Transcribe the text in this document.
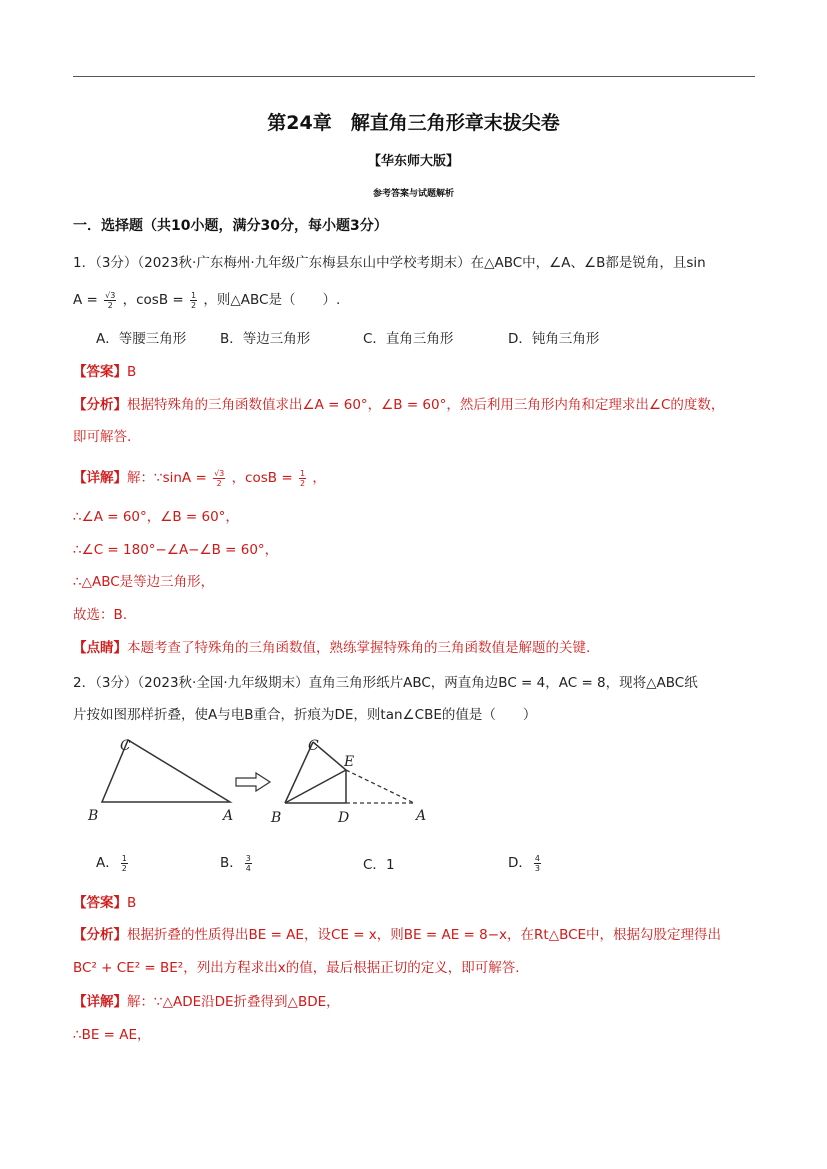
第24章　解直角三角形章末拔尖卷
【华东师大版】
参考答案与试题解析
一．选择题（共10小题，满分30分，每小题3分）
1．（3分）（2023秋·广东梅州·九年级广东梅县东山中学校考期末）在△ABC中，∠A、∠B都是锐角，且sin
$A = \frac{√3}{2}$ ，$\cos B = \frac{1}{2}$ ，则△ABC是（　　）.
A．等腰三角形	B．等边三角形	C．直角三角形	D．钝角三角形
【答案】B
【分析】根据特殊角的三角函数值求出∠A = 60°，∠B = 60°，然后利用三角形内角和定理求出∠C的度数，
即可解答.
【详解】解：∵sinA = $\frac{√3}{2}$ ，$\cos B = \frac{1}{2}$ ，
∴∠A = 60°，∠B = 60°，
∴∠C = 180°−∠A−∠B = 60°，
∴△ABC是等边三角形，
故选：B.
【点睛】本题考查了特殊角的三角函数值，熟练掌握特殊角的三角函数值是解题的关键.
2．（3分）（2023秋·全国·九年级期末）直角三角形纸片ABC，两直角边BC = 4，AC = 8，现将△ABC纸
片按如图那样折叠，使A与电B重合，折痕为DE，则tan∠CBE的值是（　　）
C
B	A
C
E
B	D	A
A． $\frac{1}{2}$	B． $\frac{3}{4}$	C．1	D． $\frac{4}{3}$
【答案】B
【分析】根据折叠的性质得出BE = AE，设CE = x，则BE = AE = 8−x，在Rt△BCE中，根据勾股定理得出
BC² + CE² = BE²，列出方程求出x的值，最后根据正切的定义，即可解答.
【详解】解：∵△ADE沿DE折叠得到△BDE，
∴BE = AE，
